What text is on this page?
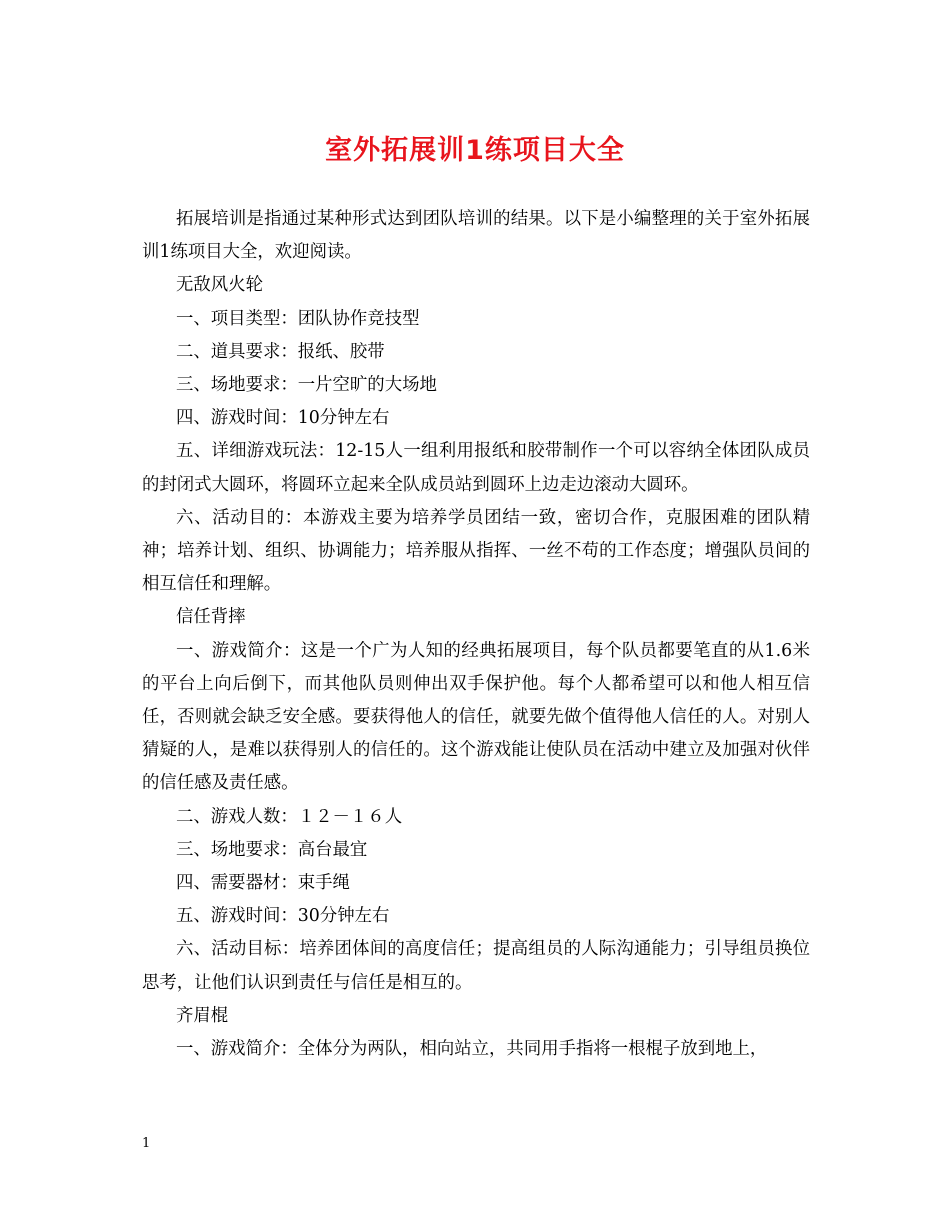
室外拓展训1练项目大全

拓展培训是指通过某种形式达到团队培训的结果。以下是小编整理的关于室外拓展训1练项目大全，欢迎阅读。

无敌风火轮

一、项目类型：团队协作竞技型

二、道具要求：报纸、胶带

三、场地要求：一片空旷的大场地

四、游戏时间：10分钟左右

五、详细游戏玩法：12-15人一组利用报纸和胶带制作一个可以容纳全体团队成员的封闭式大圆环，将圆环立起来全队成员站到圆环上边走边滚动大圆环。

六、活动目的：本游戏主要为培养学员团结一致，密切合作，克服困难的团队精神；培养计划、组织、协调能力；培养服从指挥、一丝不苟的工作态度；增强队员间的相互信任和理解。

信任背摔

一、游戏简介：这是一个广为人知的经典拓展项目，每个队员都要笔直的从1.6米的平台上向后倒下，而其他队员则伸出双手保护他。每个人都希望可以和他人相互信任，否则就会缺乏安全感。要获得他人的信任，就要先做个值得他人信任的人。对别人猜疑的人，是难以获得别人的信任的。这个游戏能让使队员在活动中建立及加强对伙伴的信任感及责任感。

二、游戏人数：１２－１６人

三、场地要求：高台最宜

四、需要器材：束手绳

五、游戏时间：30分钟左右

六、活动目标：培养团体间的高度信任；提高组员的人际沟通能力；引导组员换位思考，让他们认识到责任与信任是相互的。

齐眉棍

一、游戏简介：全体分为两队，相向站立，共同用手指将一根棍子放到地上，

1
